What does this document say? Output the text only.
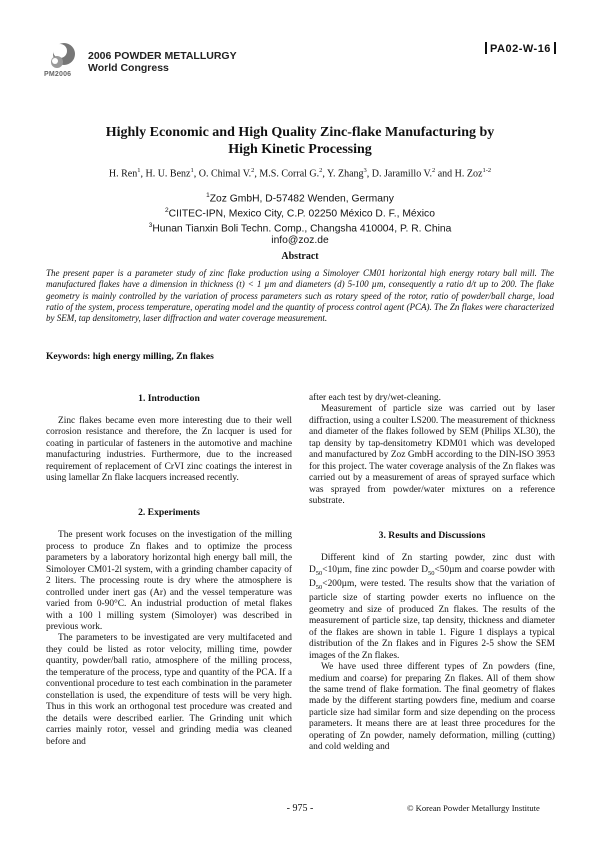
PM2006
2006 POWDER METALLURGY
World Congress
PA02-W-16
Highly Economic and High Quality Zinc-flake Manufacturing by
High Kinetic Processing
H. Ren$^1$, H. U. Benz$^1$, O. Chimal V.$^2$, M.S. Corral G.$^2$, Y. Zhang$^3$, D. Jaramillo V.$^2$ and H. Zoz$^{1-2}$
$^1$Zoz GmbH, D-57482 Wenden, Germany
$^2$CIITEC-IPN, Mexico City, C.P. 02250 México D. F., México
$^3$Hunan Tianxin Boli Techn. Comp., Changsha 410004, P. R. China
info@zoz.de
Abstract
The present paper is a parameter study of zinc flake production using a Simoloyer CM01 horizontal high energy rotary ball mill. The manufactured flakes have a dimension in thickness (t) < 1 µm and diameters (d) 5-100 µm, consequently a ratio d/t up to 200. The flake geometry is mainly controlled by the variation of process parameters such as rotary speed of the rotor, ratio of powder/ball charge, load ratio of the system, process temperature, operating model and the quantity of process control agent (PCA). The Zn flakes were characterized by SEM, tap densitometry, laser diffraction and water coverage measurement.
Keywords: high energy milling, Zn flakes
1. Introduction

Zinc flakes became even more interesting due to their well corrosion resistance and therefore, the Zn lacquer is used for coating in particular of fasteners in the automotive and machine manufacturing industries. Furthermore, due to the increased requirement of replacement of CrVI zinc coatings the interest in using lamellar Zn flake lacquers increased recently.

2. Experiments

The present work focuses on the investigation of the milling process to produce Zn flakes and to optimize the process parameters by a laboratory horizontal high energy ball mill, the Simoloyer CM01-2l system, with a grinding chamber capacity of 2 liters. The processing route is dry where the atmosphere is controlled under inert gas (Ar) and the vessel temperature was varied from 0-90°C. An industrial production of metal flakes with a 100 l milling system (Simoloyer) was described in previous work.

The parameters to be investigated are very multifaceted and they could be listed as rotor velocity, milling time, powder quantity, powder/ball ratio, atmosphere of the milling process, the temperature of the process, type and quantity of the PCA. If a conventional procedure to test each combination in the parameter constellation is used, the expenditure of tests will be very high. Thus in this work an orthogonal test procedure was created and the details were described earlier. The Grinding unit which carries mainly rotor, vessel and grinding media was cleaned before and

after each test by dry/wet-cleaning.

Measurement of particle size was carried out by laser diffraction, using a coulter LS200. The measurement of thickness and diameter of the flakes followed by SEM (Philips XL30), the tap density by tap-densitometry KDM01 which was developed and manufactured by Zoz GmbH according to the DIN-ISO 3953 for this project. The water coverage analysis of the Zn flakes was carried out by a measurement of areas of sprayed surface which was sprayed from powder/water mixtures on a reference substrate.

3. Results and Discussions

Different kind of Zn starting powder, zinc dust with $D_{50}<10\mu m$, fine zinc powder $D_{50}<50\mu m$ and coarse powder with $D_{50}<200\mu m$, were tested. The results show that the variation of particle size of starting powder exerts no influence on the geometry and size of produced Zn flakes. The results of the measurement of particle size, tap density, thickness and diameter of the flakes are shown in table 1. Figure 1 displays a typical distribution of the Zn flakes and in Figures 2-5 show the SEM images of the Zn flakes.

We have used three different types of Zn powders (fine, medium and coarse) for preparing Zn flakes. All of them show the same trend of flake formation. The final geometry of flakes made by the different starting powders fine, medium and coarse particle size had similar form and size depending on the process parameters. It means there are at least three procedures for the operating of Zn powder, namely deformation, milling (cutting) and cold welding and

- 975 -	© Korean Powder Metallurgy Institute
